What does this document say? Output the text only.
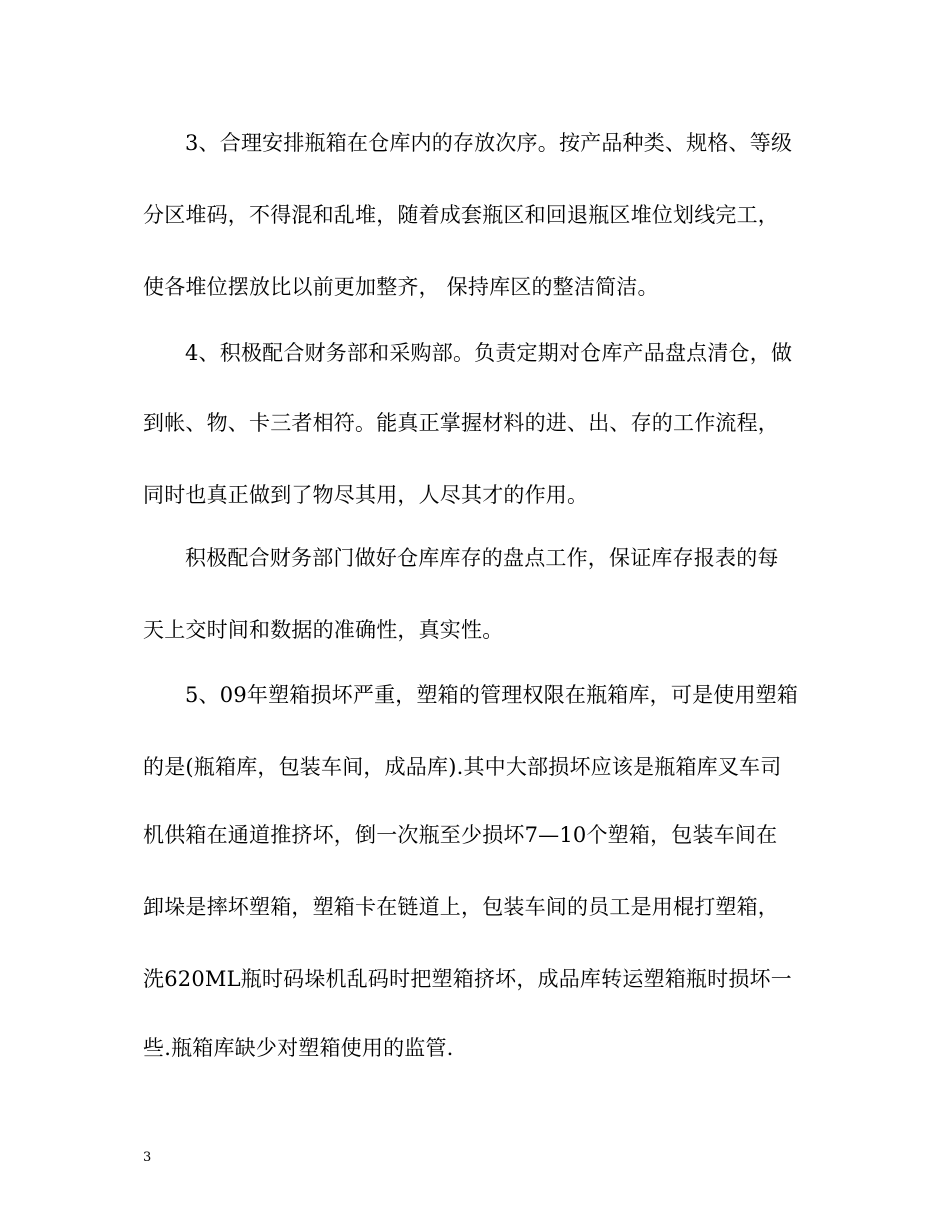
3、合理安排瓶箱在仓库内的存放次序。按产品种类、规格、等级
分区堆码，不得混和乱堆，随着成套瓶区和回退瓶区堆位划线完工，
使各堆位摆放比以前更加整齐， 保持库区的整洁简洁。
4、积极配合财务部和采购部。负责定期对仓库产品盘点清仓，做
到帐、物、卡三者相符。能真正掌握材料的进、出、存的工作流程，
同时也真正做到了物尽其用，人尽其才的作用。
积极配合财务部门做好仓库库存的盘点工作，保证库存报表的每
天上交时间和数据的准确性，真实性。
5、09年塑箱损坏严重，塑箱的管理权限在瓶箱库，可是使用塑箱
的是(瓶箱库，包装车间，成品库).其中大部损坏应该是瓶箱库叉车司
机供箱在通道推挤坏，倒一次瓶至少损坏7—10个塑箱，包装车间在
卸垛是摔坏塑箱，塑箱卡在链道上，包装车间的员工是用棍打塑箱，
洗620ML瓶时码垛机乱码时把塑箱挤坏，成品库转运塑箱瓶时损坏一
些.瓶箱库缺少对塑箱使用的监管.
3
